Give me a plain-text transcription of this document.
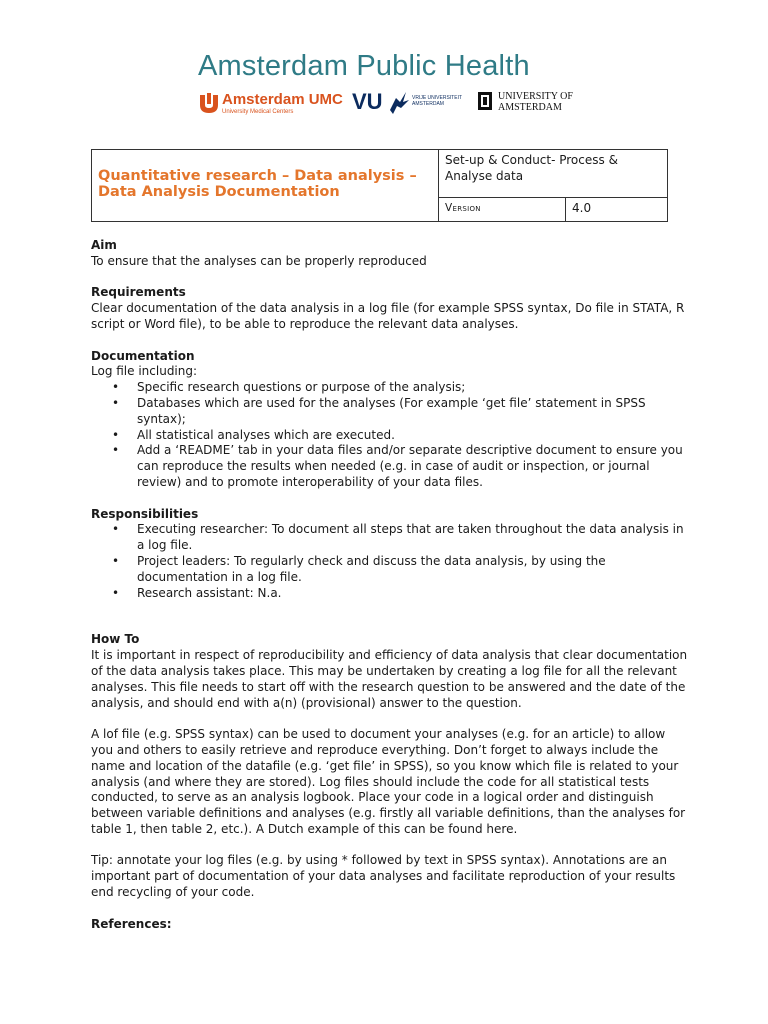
Amsterdam Public Health
Amsterdam UMC
University Medical Centers	VU	VRIJE UNIVERSITEIT AMSTERDAM
UNIVERSITY OF AMSTERDAM
Quantitative research – Data analysis – Data Analysis Documentation
Set-up & Conduct- Process & Analyse data
Version	4.0

Aim

To ensure that the analyses can be properly reproduced

Requirements

Clear documentation of the data analysis in a log file (for example SPSS syntax, Do file in STATA, R script or Word file), to be able to reproduce the relevant data analyses.

Documentation

Log file including:

• Specific research questions or purpose of the analysis;
• Databases which are used for the analyses (For example ‘get file’ statement in SPSS syntax);
• All statistical analyses which are executed.
• Add a ‘README’ tab in your data files and/or separate descriptive document to ensure you can reproduce the results when needed (e.g. in case of audit or inspection, or journal review) and to promote interoperability of your data files.

Responsibilities

• Executing researcher: To document all steps that are taken throughout the data analysis in a log file.
• Project leaders: To regularly check and discuss the data analysis, by using the documentation in a log file.
• Research assistant: N.a.

How To

It is important in respect of reproducibility and efficiency of data analysis that clear documentation of the data analysis takes place. This may be undertaken by creating a log file for all the relevant analyses. This file needs to start off with the research question to be answered and the date of the analysis, and should end with a(n) (provisional) answer to the question.

A lof file (e.g. SPSS syntax) can be used to document your analyses (e.g. for an article) to allow you and others to easily retrieve and reproduce everything. Don’t forget to always include the name and location of the datafile (e.g. ‘get file’ in SPSS), so you know which file is related to your analysis (and where they are stored). Log files should include the code for all statistical tests conducted, to serve as an analysis logbook. Place your code in a logical order and distinguish between variable definitions and analyses (e.g. firstly all variable definitions, than the analyses for table 1, then table 2, etc.). A Dutch example of this can be found here.

Tip: annotate your log files (e.g. by using * followed by text in SPSS syntax). Annotations are an important part of documentation of your data analyses and facilitate reproduction of your results end recycling of your code.

References:
